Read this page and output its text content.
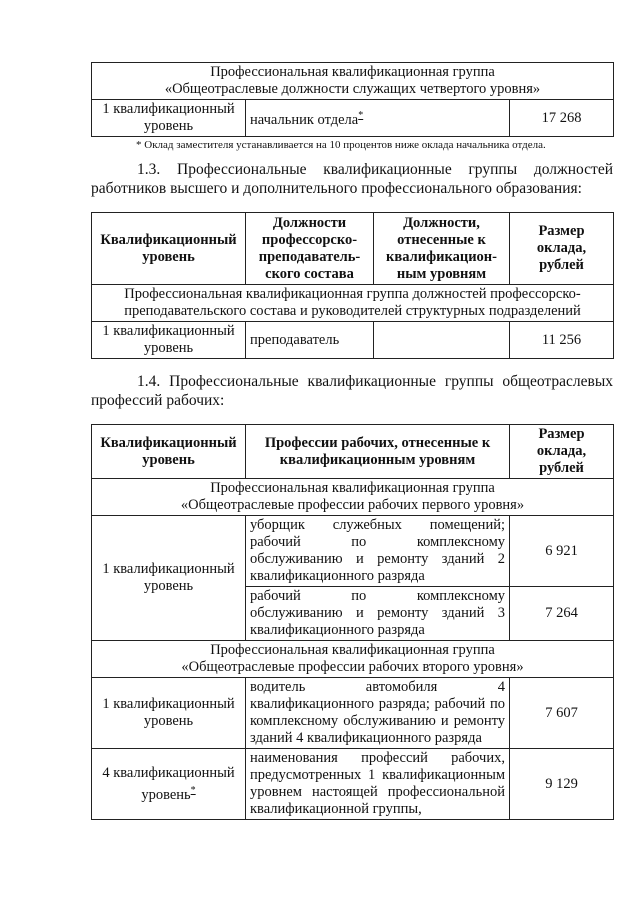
Профессиональная квалификационная группа
«Общеотраслевые должности служащих четвертого уровня»

1 квалификационный уровень	начальник отдела*	17 268
* Оклад заместителя устанавливается на 10 процентов ниже оклада начальника отдела.
1.3. Профессиональные квалификационные группы должностей работников высшего и дополнительного профессионального образования:
Квалификационный уровень	Должности профессорско-преподаватель-ского состава	Должности, отнесенные к квалификацион-ным уровням	Размер оклада, рублей
Профессиональная квалификационная группа должностей профессорско-преподавательского состава и руководителей структурных подразделений			
1 квалификационный уровень	преподаватель		11 256
1.4. Профессиональные квалификационные группы общеотраслевых профессий рабочих:
Квалификационный уровень	Профессии рабочих, отнесенные к квалификационным уровням	Размер оклада, рублей

Профессиональная квалификационная группа
«Общеотраслевые профессии рабочих первого уровня»		

1 квалификационный уровень	уборщик служебных помещений; рабочий по комплексному обслуживанию и ремонту зданий 2 квалификационного разряда	6 921
	рабочий по комплексному обслуживанию и ремонту зданий 3 квалификационного разряда	7 264

Профессиональная квалификационная группа
«Общеотраслевые профессии рабочих второго уровня»		

1 квалификационный уровень	водитель автомобиля 4 квалификационного разряда; рабочий по комплексному обслуживанию и ремонту зданий 4 квалификационного разряда	7 607
4 квалификационный уровень*	наименования профессий рабочих, предусмотренных 1 квалификационным уровнем настоящей профессиональной квалификационной группы,	9 129
